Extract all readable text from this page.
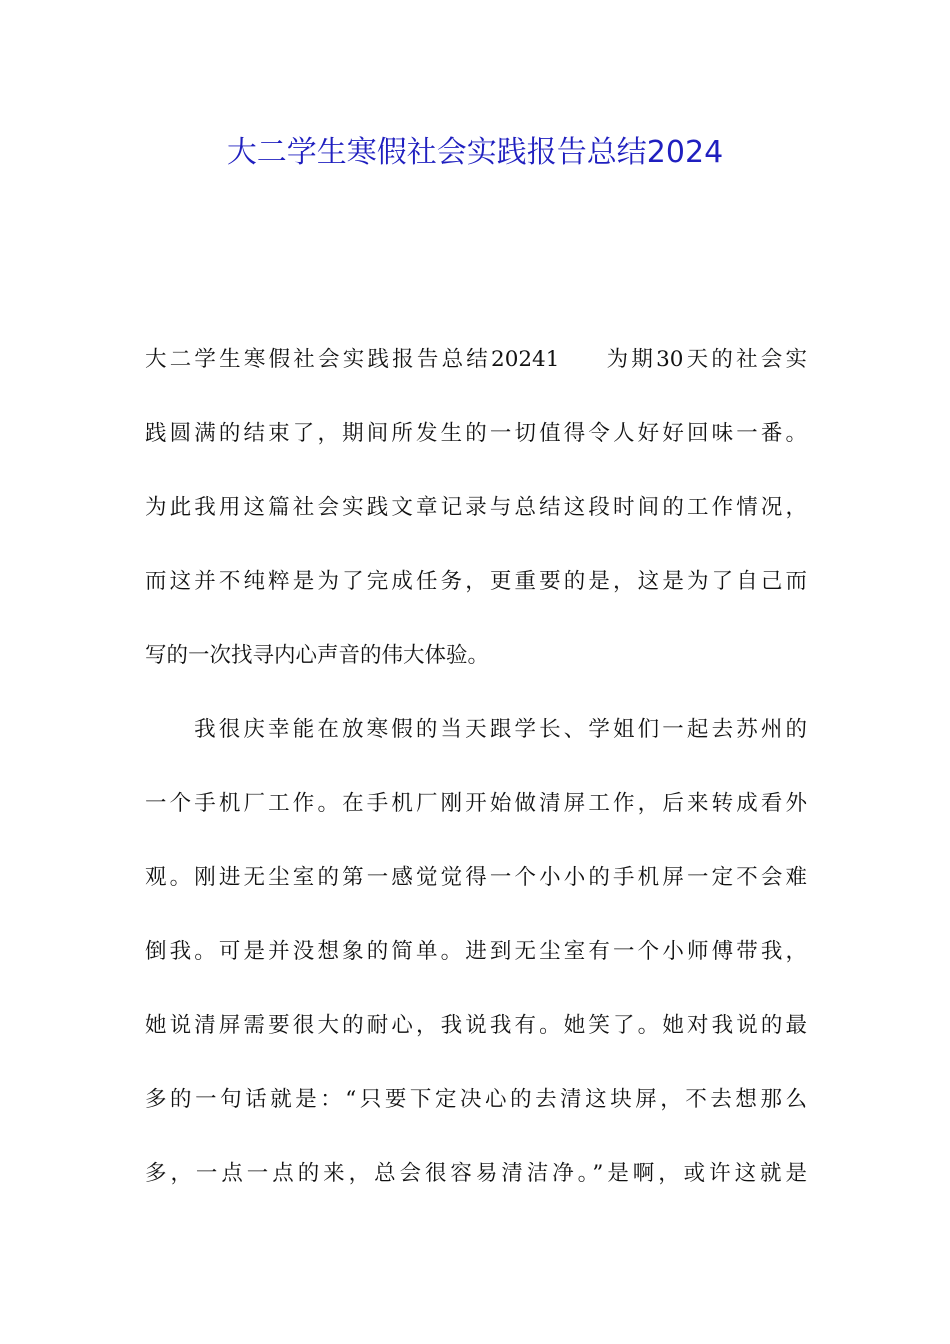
大二学生寒假社会实践报告总结2024
大二学生寒假社会实践报告总结20241 为期30天的社会实
践圆满的结束了，期间所发生的一切值得令人好好回味一番。
为此我用这篇社会实践文章记录与总结这段时间的工作情况，
而这并不纯粹是为了完成任务，更重要的是，这是为了自己而
写的一次找寻内心声音的伟大体验。
我很庆幸能在放寒假的当天跟学长、学姐们一起去苏州的
一个手机厂工作。在手机厂刚开始做清屏工作，后来转成看外
观。刚进无尘室的第一感觉觉得一个小小的手机屏一定不会难
倒我。可是并没想象的简单。进到无尘室有一个小师傅带我，
她说清屏需要很大的耐心，我说我有。她笑了。她对我说的最
多的一句话就是：“只要下定决心的去清这块屏，不去想那么
多，一点一点的来，总会很容易清洁净。”是啊，或许这就是
